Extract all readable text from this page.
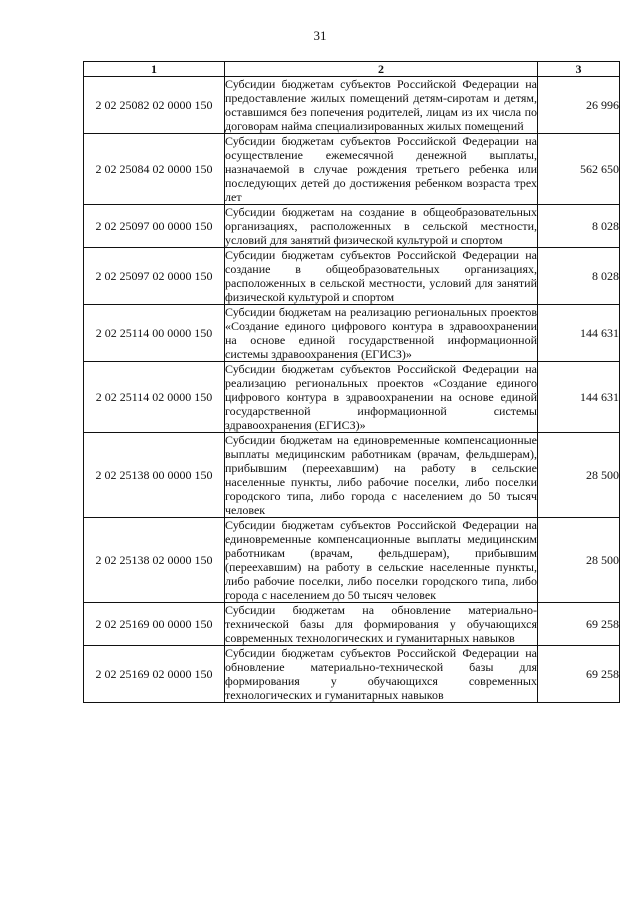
31
1	2	3
2 02 25082 02 0000 150	Субсидии бюджетам субъектов Российской Федерации на предоставление жилых помещений детям-сиротам и детям, оставшимся без попечения родителей, лицам из их числа по договорам найма специализированных жилых помещений	26 996
2 02 25084 02 0000 150	Субсидии бюджетам субъектов Российской Федерации на осуществление ежемесячной денежной выплаты, назначаемой в случае рождения третьего ребенка или последующих детей до достижения ребенком возраста трех лет	562 650
2 02 25097 00 0000 150	Субсидии бюджетам на создание в общеобразовательных организациях, расположенных в сельской местности, условий для занятий физической культурой и спортом	8 028
2 02 25097 02 0000 150	Субсидии бюджетам субъектов Российской Федерации на создание в общеобразовательных организациях, расположенных в сельской местности, условий для занятий физической культурой и спортом	8 028
2 02 25114 00 0000 150	Субсидии бюджетам на реализацию региональных проектов «Создание единого цифрового контура в здравоохранении на основе единой государственной информационной системы здравоохранения (ЕГИСЗ)»	144 631
2 02 25114 02 0000 150	Субсидии бюджетам субъектов Российской Федерации на реализацию региональных проектов «Создание единого цифрового контура в здравоохранении на основе единой государственной информационной системы здравоохранения (ЕГИСЗ)»	144 631
2 02 25138 00 0000 150	Субсидии бюджетам на единовременные компенсационные выплаты медицинским работникам (врачам, фельдшерам), прибывшим (переехавшим) на работу в сельские населенные пункты, либо рабочие поселки, либо поселки городского типа, либо города с населением до 50 тысяч человек	28 500
2 02 25138 02 0000 150	Субсидии бюджетам субъектов Российской Федерации на единовременные компенсационные выплаты медицинским работникам (врачам, фельдшерам), прибывшим (переехавшим) на работу в сельские населенные пункты, либо рабочие поселки, либо поселки городского типа, либо города с населением до 50 тысяч человек	28 500
2 02 25169 00 0000 150	Субсидии бюджетам на обновление материально-технической базы для формирования у обучающихся современных технологических и гуманитарных навыков	69 258
2 02 25169 02 0000 150	Субсидии бюджетам субъектов Российской Федерации на обновление материально-технической базы для формирования у обучающихся современных технологических и гуманитарных навыков	69 258
